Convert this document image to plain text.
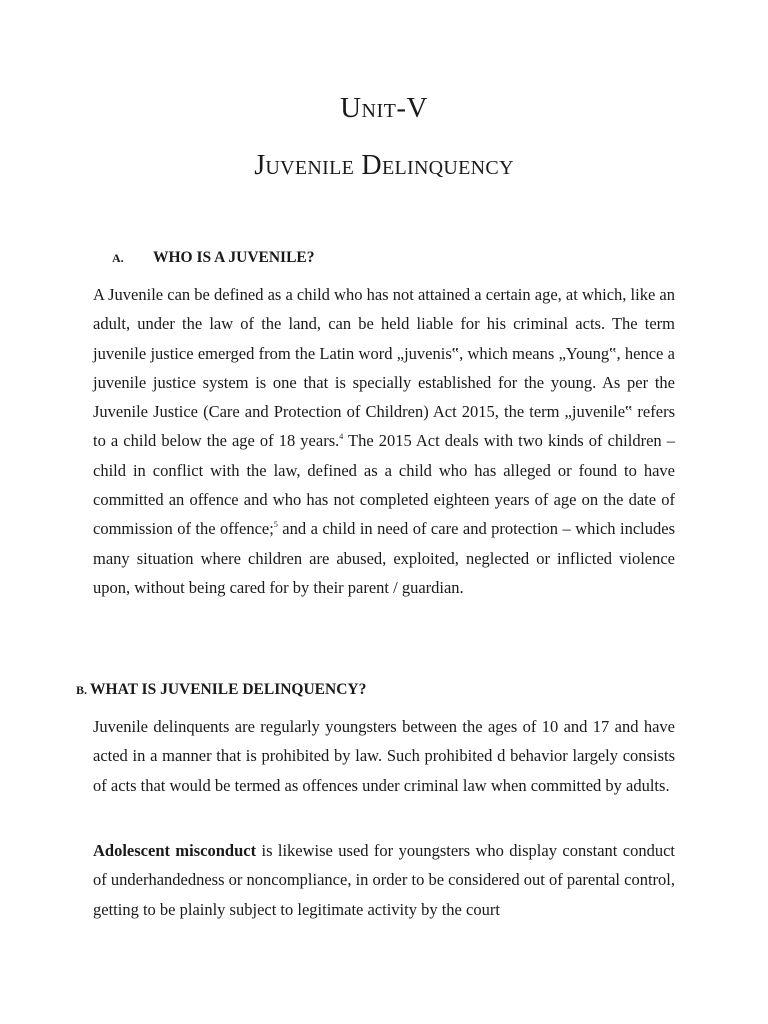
Unit-V
Juvenile Delinquency
A. WHO IS A JUVENILE?
A Juvenile can be defined as a child who has not attained a certain age, at which, like an adult, under the law of the land, can be held liable for his criminal acts. The term juvenile justice emerged from the Latin word „juvenis‟, which means „Young‟, hence a juvenile justice system is one that is specially established for the young. As per the Juvenile Justice (Care and Protection of Children) Act 2015, the term „juvenile‟ refers to a child below the age of 18 years.$^4$ The 2015 Act deals with two kinds of children – child in conflict with the law, defined as a child who has alleged or found to have committed an offence and who has not completed eighteen years of age on the date of commission of the offence;$^5$ and a child in need of care and protection – which includes many situation where children are abused, exploited, neglected or inflicted violence upon, without being cared for by their parent / guardian.
B. WHAT IS JUVENILE DELINQUENCY?
Juvenile delinquents are regularly youngsters between the ages of 10 and 17 and have acted in a manner that is prohibited by law. Such prohibited d behavior largely consists of acts that would be termed as offences under criminal law when committed by adults.
Adolescent misconduct is likewise used for youngsters who display constant conduct of underhandedness or noncompliance, in order to be considered out of parental control, getting to be plainly subject to legitimate activity by the court
